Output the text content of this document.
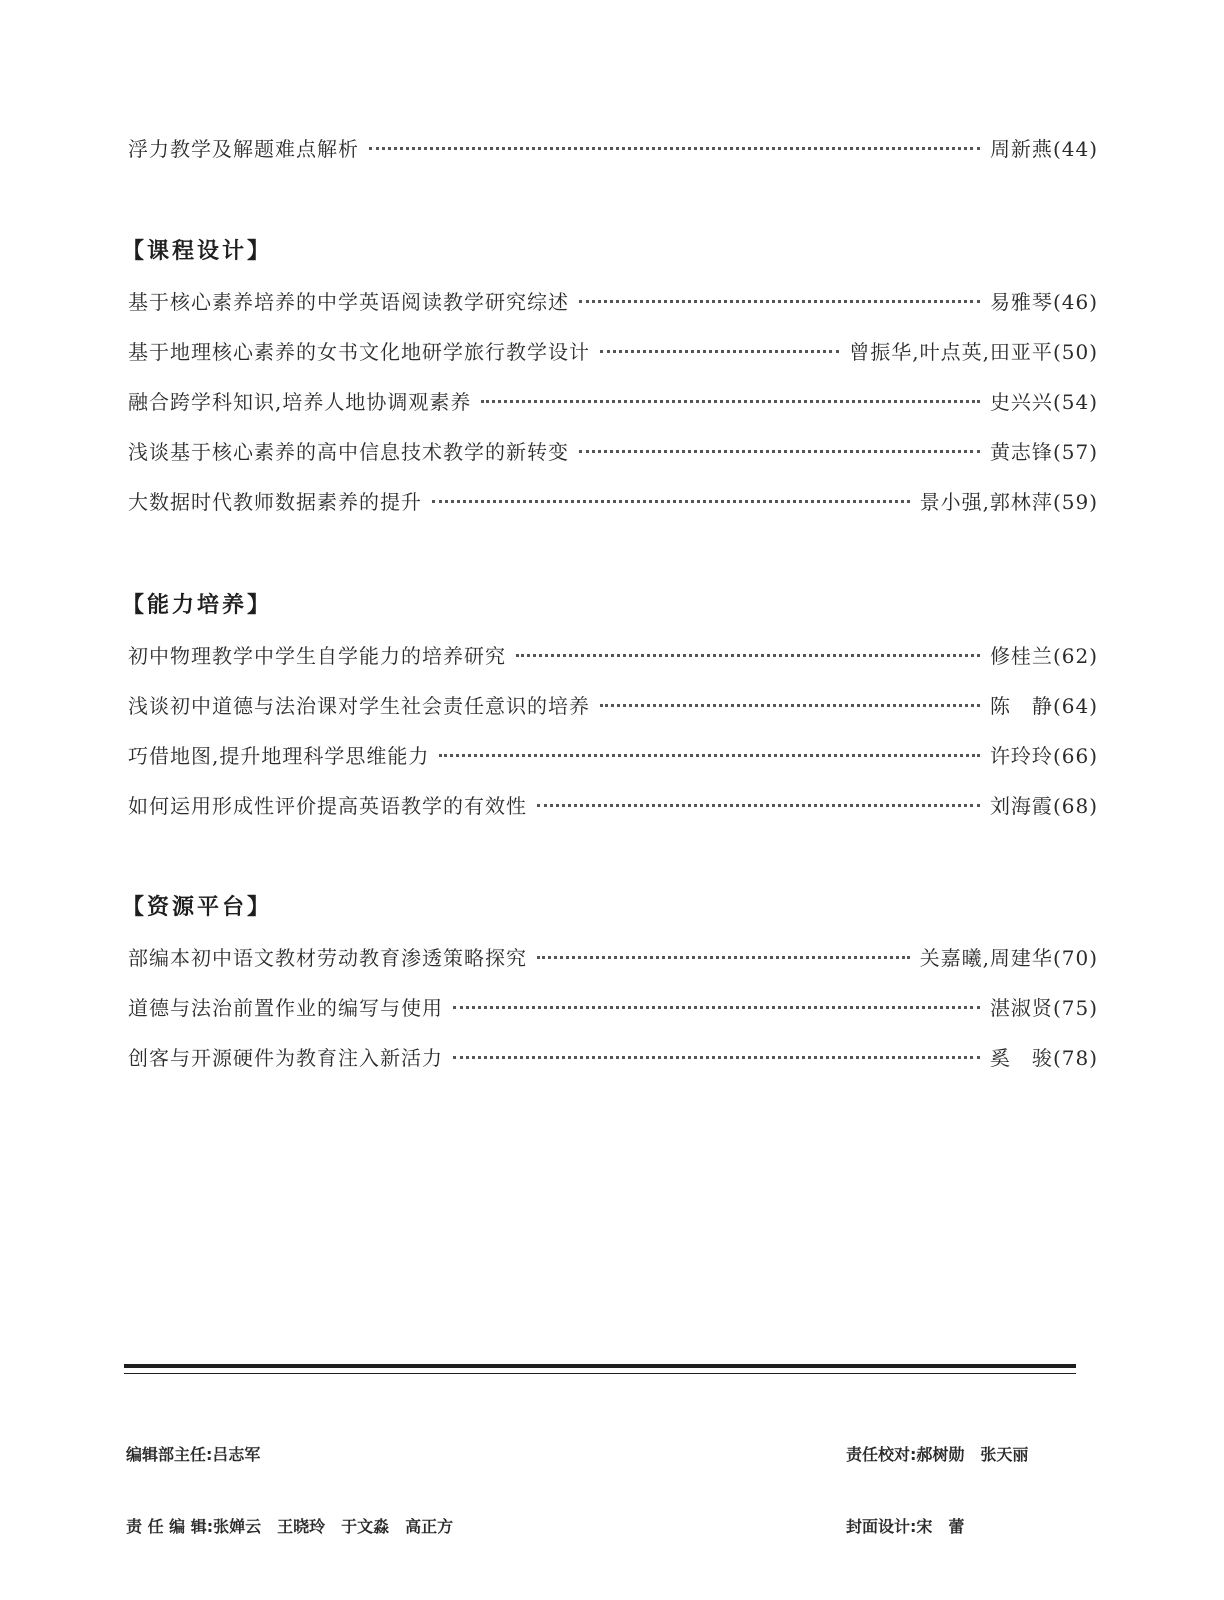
浮力教学及解题难点解析	周新燕 (44)
【课程设计】
基于核心素养培养的中学英语阅读教学研究综述	易雅琴 (46)
基于地理核心素养的女书文化地研学旅行教学设计	曾振华,叶点英,田亚平 (50)
融合跨学科知识,培养人地协调观素养	史兴兴 (54)
浅谈基于核心素养的高中信息技术教学的新转变	黄志锋 (57)
大数据时代教师数据素养的提升	景小强,郭林萍 (59)
【能力培养】
初中物理教学中学生自学能力的培养研究	修桂兰 (62)
浅谈初中道德与法治课对学生社会责任意识的培养	陈　静 (64)
巧借地图,提升地理科学思维能力	许玲玲 (66)
如何运用形成性评价提高英语教学的有效性	刘海霞 (68)
【资源平台】
部编本初中语文教材劳动教育渗透策略探究	关嘉曦,周建华 (70)
道德与法治前置作业的编写与使用	湛淑贤 (75)
创客与开源硬件为教育注入新活力	奚　骏 (78)

编辑部主任:吕志军

责 任 编 辑:张婵云　王晓玲　于文淼　高正方

责任校对:郝树勋　张天丽

封面设计:宋　蕾
